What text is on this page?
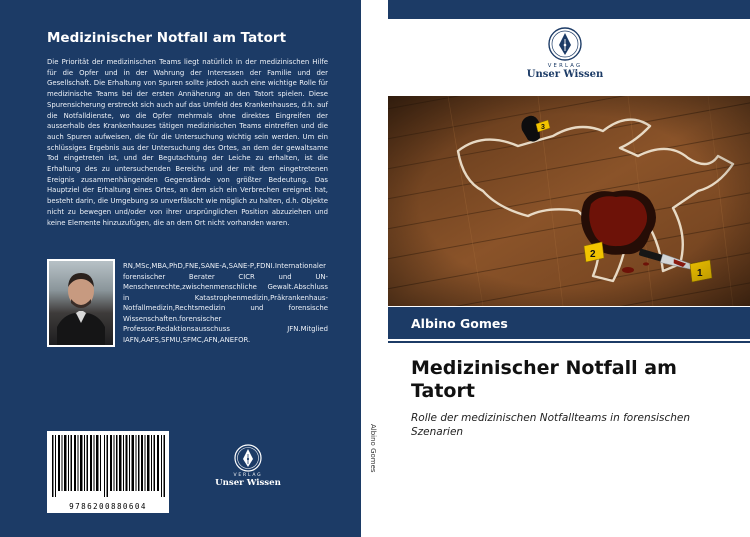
Medizinischer Notfall am Tatort
Die Priorität der medizinischen Teams liegt natürlich in der medizinischen Hilfe für die Opfer und in der Wahrung der Interessen der Familie und der Gesellschaft. Die Erhaltung von Spuren sollte jedoch auch eine wichtige Rolle für medizinische Teams bei der ersten Annäherung an den Tatort spielen. Diese Spurensicherung erstreckt sich auch auf das Umfeld des Krankenhauses, d.h. auf die Notfalldienste, wo die Opfer mehrmals ohne direktes Eingreifen der ausserhalb des Krankenhauses tätigen medizinischen Teams eintreffen und die auch Spuren aufweisen, die für die Untersuchung wichtig sein werden. Um ein schlüssiges Ergebnis aus der Untersuchung des Ortes, an dem der gewaltsame Tod eingetreten ist, und der Begutachtung der Leiche zu erhalten, ist die Erhaltung des zu untersuchenden Bereichs und der mit dem eingetretenen Ereignis zusammenhängenden Gegenstände von größter Bedeutung. Das Hauptziel der Erhaltung eines Ortes, an dem sich ein Verbrechen ereignet hat, besteht darin, die Umgebung so unverfälscht wie möglich zu halten, d.h. Objekte nicht zu bewegen und/oder von ihrer ursprünglichen Position abzuziehen und keine Elemente hinzuzufügen, die an dem Ort nicht vorhanden waren.
RN,MSc,MBA,PhD,FNE,SANE-A,SANE-P,FDNI.Internationaler forensischer Berater CICR und UN-Menschenrechte,zwischenmenschliche Gewalt.Abschluss in Katastrophenmedizin,Präkrankenhaus-Notfallmedizin,Rechtsmedizin und forensische Wissenschaften.forensischer Professor.Redaktionsausschuss JFN.Mitglied IAFN,AAFS,SFMU,SFMC,AFN,ANEFOR.
9786200880604
VERLAG
Unser Wissen
Albino Gomes
VERLAG
Unser Wissen
Albino Gomes
Medizinischer Notfall am Tatort
Rolle der medizinischen Notfallteams in forensischen Szenarien
